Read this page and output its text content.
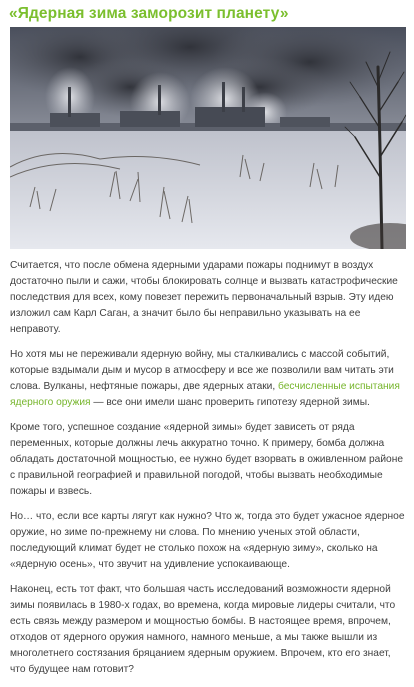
«Ядерная зима заморозит планету»

Считается, что после обмена ядерными ударами пожары поднимут в воздух достаточно пыли и сажи, чтобы блокировать солнце и вызвать катастрофические последствия для всех, кому повезет пережить первоначальный взрыв. Эту идею изложил сам Карл Саган, а значит было бы неправильно указывать на ее неправоту.

Но хотя мы не переживали ядерную войну, мы сталкивались с массой событий, которые вздымали дым и мусор в атмосферу и все же позволили вам читать эти слова. Вулканы, нефтяные пожары, две ядерных атаки, бесчисленные испытания ядерного оружия — все они имели шанс проверить гипотезу ядерной зимы.

Кроме того, успешное создание «ядерной зимы» будет зависеть от ряда переменных, которые должны лечь аккуратно точно. К примеру, бомба должна обладать достаточной мощностью, ее нужно будет взорвать в оживленном районе с правильной географией и правильной погодой, чтобы вызвать необходимые пожары и взвесь.

Но… что, если все карты лягут как нужно? Что ж, тогда это будет ужасное ядерное оружие, но зиме по-прежнему ни слова. По мнению ученых этой области, последующий климат будет не столько похож на «ядерную зиму», сколько на «ядерную осень», что звучит на удивление успокаивающе.

Наконец, есть тот факт, что большая часть исследований возможности ядерной зимы появилась в 1980-х годах, во времена, когда мировые лидеры считали, что есть связь между размером и мощностью бомбы. В настоящее время, впрочем, отходов от ядерного оружия намного, намного меньше, а мы также вышли из многолетнего состязания бряцанием ядерным оружием. Впрочем, кто его знает, что будущее нам готовит?
